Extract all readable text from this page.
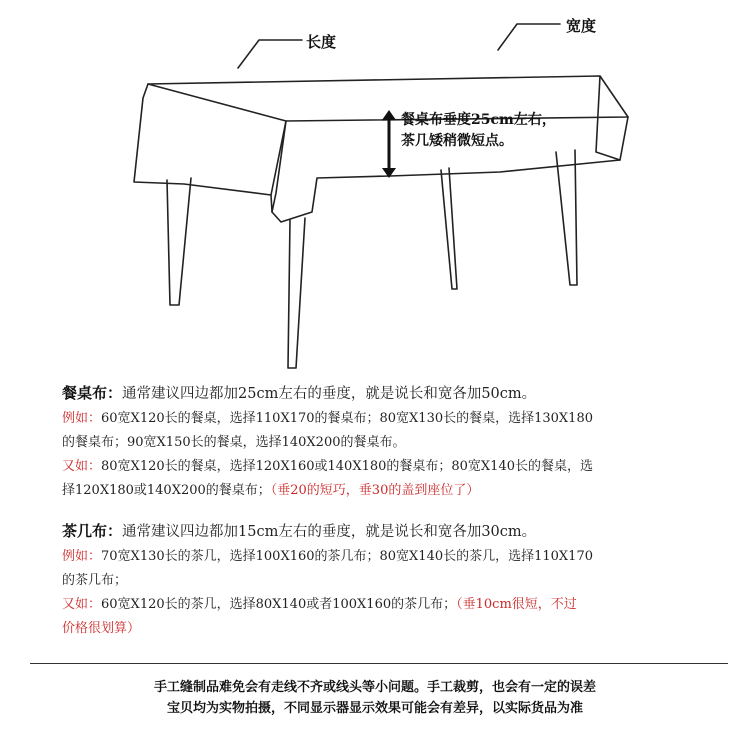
长度
宽度
餐桌布垂度25cm左右，
茶几矮稍微短点。
餐桌布：通常建议四边都加25cm左右的垂度，就是说长和宽各加50cm。
例如：60宽X120长的餐桌，选择110X170的餐桌布；80宽X130长的餐桌，选择130X180
的餐桌布；90宽X150长的餐桌，选择140X200的餐桌布。
又如：80宽X120长的餐桌，选择120X160或140X180的餐桌布；80宽X140长的餐桌，选
择120X180或140X200的餐桌布；（垂20的短巧，垂30的盖到座位了）
茶几布：通常建议四边都加15cm左右的垂度，就是说长和宽各加30cm。
例如：70宽X130长的茶几，选择100X160的茶几布；80宽X140长的茶几，选择110X170
的茶几布；
又如：60宽X120长的茶几，选择80X140或者100X160的茶几布；（垂10cm很短，不过
价格很划算）
手工缝制品难免会有走线不齐或线头等小问题。手工裁剪，也会有一定的误差
宝贝均为实物拍摄，不同显示器显示效果可能会有差异，以实际货品为准
